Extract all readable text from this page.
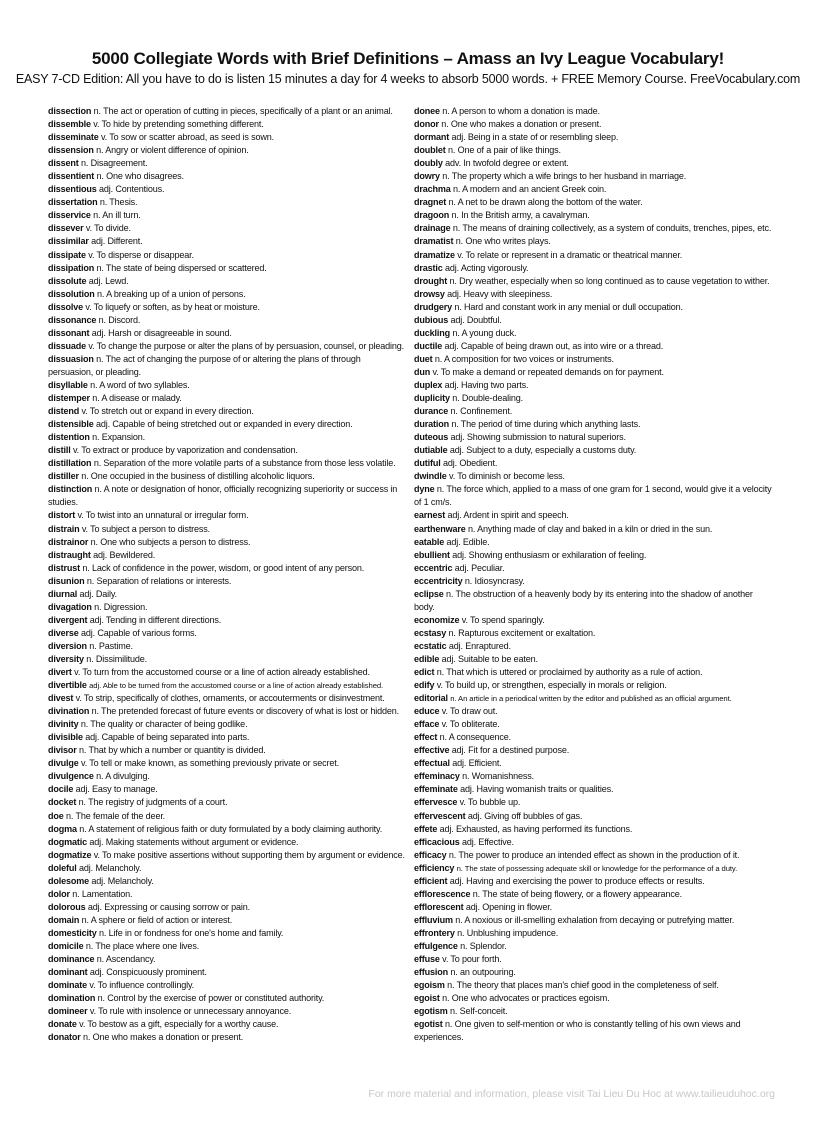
5000 Collegiate Words with Brief Definitions – Amass an Ivy League Vocabulary!

EASY 7-CD Edition: All you have to do is listen 15 minutes a day for 4 weeks to absorb 5000 words. + FREE Memory Course. FreeVocabulary.com

dissection n. The act or operation of cutting in pieces, specifically of a plant or an animal.

dissemble v. To hide by pretending something different.

disseminate v. To sow or scatter abroad, as seed is sown.

dissension n. Angry or violent difference of opinion.

dissent n. Disagreement.

dissentient n. One who disagrees.

dissentious adj. Contentious.

dissertation n. Thesis.

disservice n. An ill turn.

dissever v. To divide.

dissimilar adj. Different.

dissipate v. To disperse or disappear.

dissipation n. The state of being dispersed or scattered.

dissolute adj. Lewd.

dissolution n. A breaking up of a union of persons.

dissolve v. To liquefy or soften, as by heat or moisture.

dissonance n. Discord.

dissonant adj. Harsh or disagreeable in sound.

dissuade v. To change the purpose or alter the plans of by persuasion, counsel, or pleading.

dissuasion n. The act of changing the purpose of or altering the plans of through persuasion, or pleading.

disyllable n. A word of two syllables.

distemper n. A disease or malady.

distend v. To stretch out or expand in every direction.

distensible adj. Capable of being stretched out or expanded in every direction.

distention n. Expansion.

distill v. To extract or produce by vaporization and condensation.

distillation n. Separation of the more volatile parts of a substance from those less volatile.

distiller n. One occupied in the business of distilling alcoholic liquors.

distinction n. A note or designation of honor, officially recognizing superiority or success in studies.

distort v. To twist into an unnatural or irregular form.

distrain v. To subject a person to distress.

distrainor n. One who subjects a person to distress.

distraught adj. Bewildered.

distrust n. Lack of confidence in the power, wisdom, or good intent of any person.

disunion n. Separation of relations or interests.

diurnal adj. Daily.

divagation n. Digression.

divergent adj. Tending in different directions.

diverse adj. Capable of various forms.

diversion n. Pastime.

diversity n. Dissimilitude.

divert v. To turn from the accustomed course or a line of action already established.

divertible adj. Able to be turned from the accustomed course or a line of action already established.

divest v. To strip, specifically of clothes, ornaments, or accouterments or disinvestment.

divination n. The pretended forecast of future events or discovery of what is lost or hidden.

divinity n. The quality or character of being godlike.

divisible adj. Capable of being separated into parts.

divisor n. That by which a number or quantity is divided.

divulge v. To tell or make known, as something previously private or secret.

divulgence n. A divulging.

docile adj. Easy to manage.

docket n. The registry of judgments of a court.

doe n. The female of the deer.

dogma n. A statement of religious faith or duty formulated by a body claiming authority.

dogmatic adj. Making statements without argument or evidence.

dogmatize v. To make positive assertions without supporting them by argument or evidence.

doleful adj. Melancholy.

dolesome adj. Melancholy.

dolor n. Lamentation.

dolorous adj. Expressing or causing sorrow or pain.

domain n. A sphere or field of action or interest.

domesticity n. Life in or fondness for one's home and family.

domicile n. The place where one lives.

dominance n. Ascendancy.

dominant adj. Conspicuously prominent.

dominate v. To influence controllingly.

domination n. Control by the exercise of power or constituted authority.

domineer v. To rule with insolence or unnecessary annoyance.

donate v. To bestow as a gift, especially for a worthy cause.

donator n. One who makes a donation or present.

donee n. A person to whom a donation is made.

donor n. One who makes a donation or present.

dormant adj. Being in a state of or resembling sleep.

doublet n. One of a pair of like things.

doubly adv. In twofold degree or extent.

dowry n. The property which a wife brings to her husband in marriage.

drachma n. A modern and an ancient Greek coin.

dragnet n. A net to be drawn along the bottom of the water.

dragoon n. In the British army, a cavalryman.

drainage n. The means of draining collectively, as a system of conduits, trenches, pipes, etc.

dramatist n. One who writes plays.

dramatize v. To relate or represent in a dramatic or theatrical manner.

drastic adj. Acting vigorously.

drought n. Dry weather, especially when so long continued as to cause vegetation to wither.

drowsy adj. Heavy with sleepiness.

drudgery n. Hard and constant work in any menial or dull occupation.

dubious adj. Doubtful.

duckling n. A young duck.

ductile adj. Capable of being drawn out, as into wire or a thread.

duet n. A composition for two voices or instruments.

dun v. To make a demand or repeated demands on for payment.

duplex adj. Having two parts.

duplicity n. Double-dealing.

durance n. Confinement.

duration n. The period of time during which anything lasts.

duteous adj. Showing submission to natural superiors.

dutiable adj. Subject to a duty, especially a customs duty.

dutiful adj. Obedient.

dwindle v. To diminish or become less.

dyne n. The force which, applied to a mass of one gram for 1 second, would give it a velocity of 1 cm/s.

earnest adj. Ardent in spirit and speech.

earthenware n. Anything made of clay and baked in a kiln or dried in the sun.

eatable adj. Edible.

ebullient adj. Showing enthusiasm or exhilaration of feeling.

eccentric adj. Peculiar.

eccentricity n. Idiosyncrasy.

eclipse n. The obstruction of a heavenly body by its entering into the shadow of another body.

economize v. To spend sparingly.

ecstasy n. Rapturous excitement or exaltation.

ecstatic adj. Enraptured.

edible adj. Suitable to be eaten.

edict n. That which is uttered or proclaimed by authority as a rule of action.

edify v. To build up, or strengthen, especially in morals or religion.

editorial n. An article in a periodical written by the editor and published as an official argument.

educe v. To draw out.

efface v. To obliterate.

effect n. A consequence.

effective adj. Fit for a destined purpose.

effectual adj. Efficient.

effeminacy n. Womanishness.

effeminate adj. Having womanish traits or qualities.

effervesce v. To bubble up.

effervescent adj. Giving off bubbles of gas.

effete adj. Exhausted, as having performed its functions.

efficacious adj. Effective.

efficacy n. The power to produce an intended effect as shown in the production of it.

efficiency n. The state of possessing adequate skill or knowledge for the performance of a duty.

efficient adj. Having and exercising the power to produce effects or results.

efflorescence n. The state of being flowery, or a flowery appearance.

efflorescent adj. Opening in flower.

effluvium n. A noxious or ill-smelling exhalation from decaying or putrefying matter.

effrontery n. Unblushing impudence.

effulgence n. Splendor.

effuse v. To pour forth.

effusion n. an outpouring.

egoism n. The theory that places man's chief good in the completeness of self.

egoist n. One who advocates or practices egoism.

egotism n. Self-conceit.

egotist n. One given to self-mention or who is constantly telling of his own views and experiences.

For more material and information, please visit Tai Lieu Du Hoc at www.tailieuduhoc.org
